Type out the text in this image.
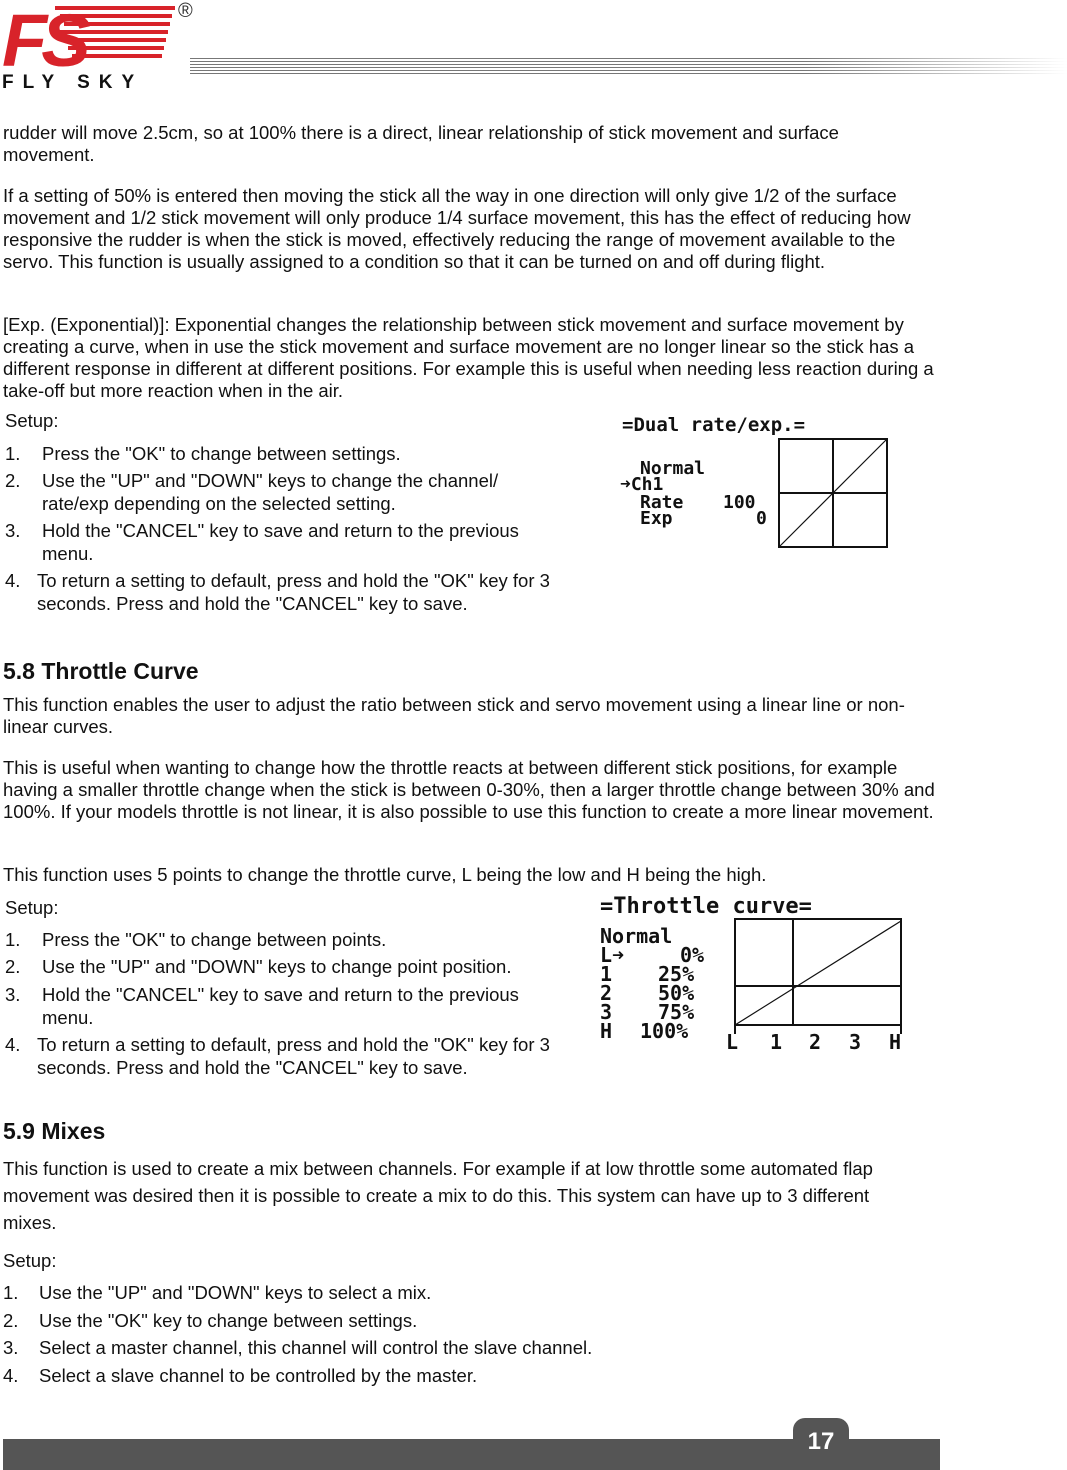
FS
FLY SKY
®

rudder will move 2.5cm, so at 100% there is a direct, linear relationship of stick movement and surface movement.

If a setting of 50% is entered then moving the stick all the way in one direction will only give 1/2 of the surface movement and 1/2 stick movement will only produce 1/4 surface movement, this has the effect of reducing how responsive the rudder is when the stick is moved, effectively reducing the range of movement available to the servo. This function is usually assigned to a condition so that it can be turned on and off during flight.

[Exp. (Exponential)]: Exponential changes the relationship between stick movement and surface movement by creating a curve, when in use the stick movement and surface movement are no longer linear so the stick has a different response in different at different positions. For example this is useful when needing less reaction during a take-off but more reaction when in the air.

Setup:
1. Press the "OK" to change between settings.
2. Use the "UP" and "DOWN" keys to change the channel/ rate/exp depending on the selected setting.
3. Hold the "CANCEL" key to save and return to the previous menu.
4. To return a setting to default, press and hold the "OK" key for 3 seconds. Press and hold the "CANCEL" key to save.
=Dual rate/exp.=
Normal
➜Ch1
Rate 100
Exp	0
5.8 Throttle Curve

This function enables the user to adjust the ratio between stick and servo movement using a linear line or non-linear curves.

This is useful when wanting to change how the throttle reacts at between different stick positions, for example having a smaller throttle change when the stick is between 0-30%, then a larger throttle change between 30% and 100%. If your models throttle is not linear, it is also possible to use this function to create a more linear movement.

This function uses 5 points to change the throttle curve, L being the low and H being the high.

Setup:
1. Press the "OK" to change between points.
2. Use the "UP" and "DOWN" keys to change point position.
3. Hold the "CANCEL" key to save and return to the previous menu.
4. To return a setting to default, press and hold the "OK" key for 3 seconds. Press and hold the "CANCEL" key to save.
=Throttle curve=
Normal
L➜	0%
1 25%
2 50%
3 75%
H 100% L 1 2 3 H
5.9 Mixes

This function is used to create a mix between channels. For example if at low throttle some automated flap movement was desired then it is possible to create a mix to do this. This system can have up to 3 different mixes.

Setup:
1. Use the "UP" and "DOWN" keys to select a mix.
2. Use the "OK" key to change between settings.
3. Select a master channel, this channel will control the slave channel.
4. Select a slave channel to be controlled by the master.
17
